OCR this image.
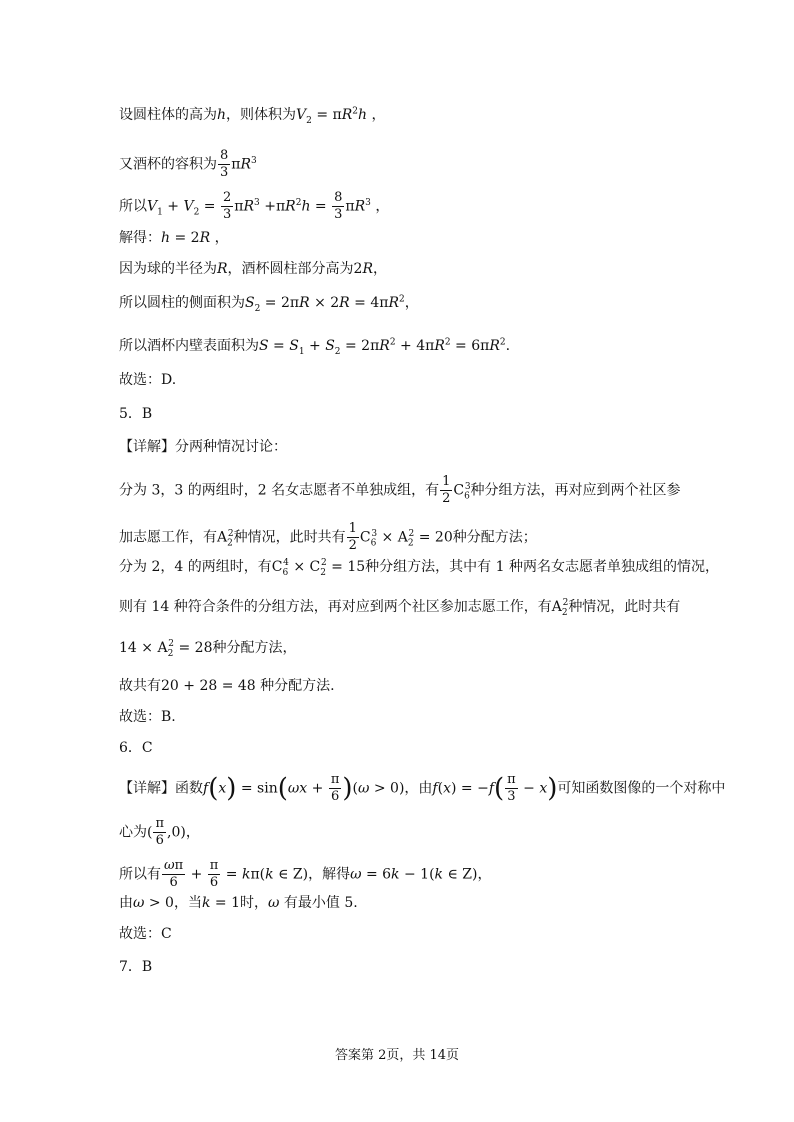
设圆柱体的高为h，则体积为$V_2 = \pi R^2h$ ，
又酒杯的容积为 $\frac{8}{3} \pi R^3$
所以$V_1 + V_2 = \frac{2}{3} \pi R^3 +\pi R^2h = \frac{8}{3} \pi R^3$ ，
解得：h = 2R ，
因为球的半径为R，酒杯圆柱部分高为2R，
所以圆柱的侧面积为$S_2 = 2\pi R \times 2R = 4\pi R^2$，
所以酒杯内壁表面积为$S = S_1 + S_2 = 2\pi R^2 + 4\pi R^2 = 6\pi R^2$.
故选：D.
5．B
【详解】分两种情况讨论：
分为 3，3 的两组时，2 名女志愿者不单独成组，有 $\frac{1}{2} C_6^3$种分组方法，再对应到两个社区参
加志愿工作，有$A_2^2$种情况，此时共有 $\frac{1}{2} C_6^3 \times A_2^2 = 20$种分配方法；
分为 2，4 的两组时，有$C_6^4 \times C_2^2 = 15$种分组方法，其中有 1 种两名女志愿者单独成组的情况，
则有 14 种符合条件的分组方法，再对应到两个社区参加志愿工作，有$A_2^2$种情况，此时共有
$14 \times A_2^2 = 28$种分配方法，
故共有20 + 28 = 48 种分配方法.
故选：B.
6．C
【详解】函数$f(x) = \sin(\omega x + \frac{\pi}{6} )(\omega > 0)$，由$f(x) = -f( \frac{\pi}{3} - x)$可知函数图像的一个对称中
心为( $\frac{\pi}{6} ,0$)，
所以有 $\frac{\omega\pi}{6} + \frac{\pi}{6} = k\pi(k$ ∈ Z)，解得ω = 6k − 1(k ∈ Z)，
由ω > 0，当k = 1时，ω 有最小值 5.
故选：C
7．B
答案第 2页，共 14页
